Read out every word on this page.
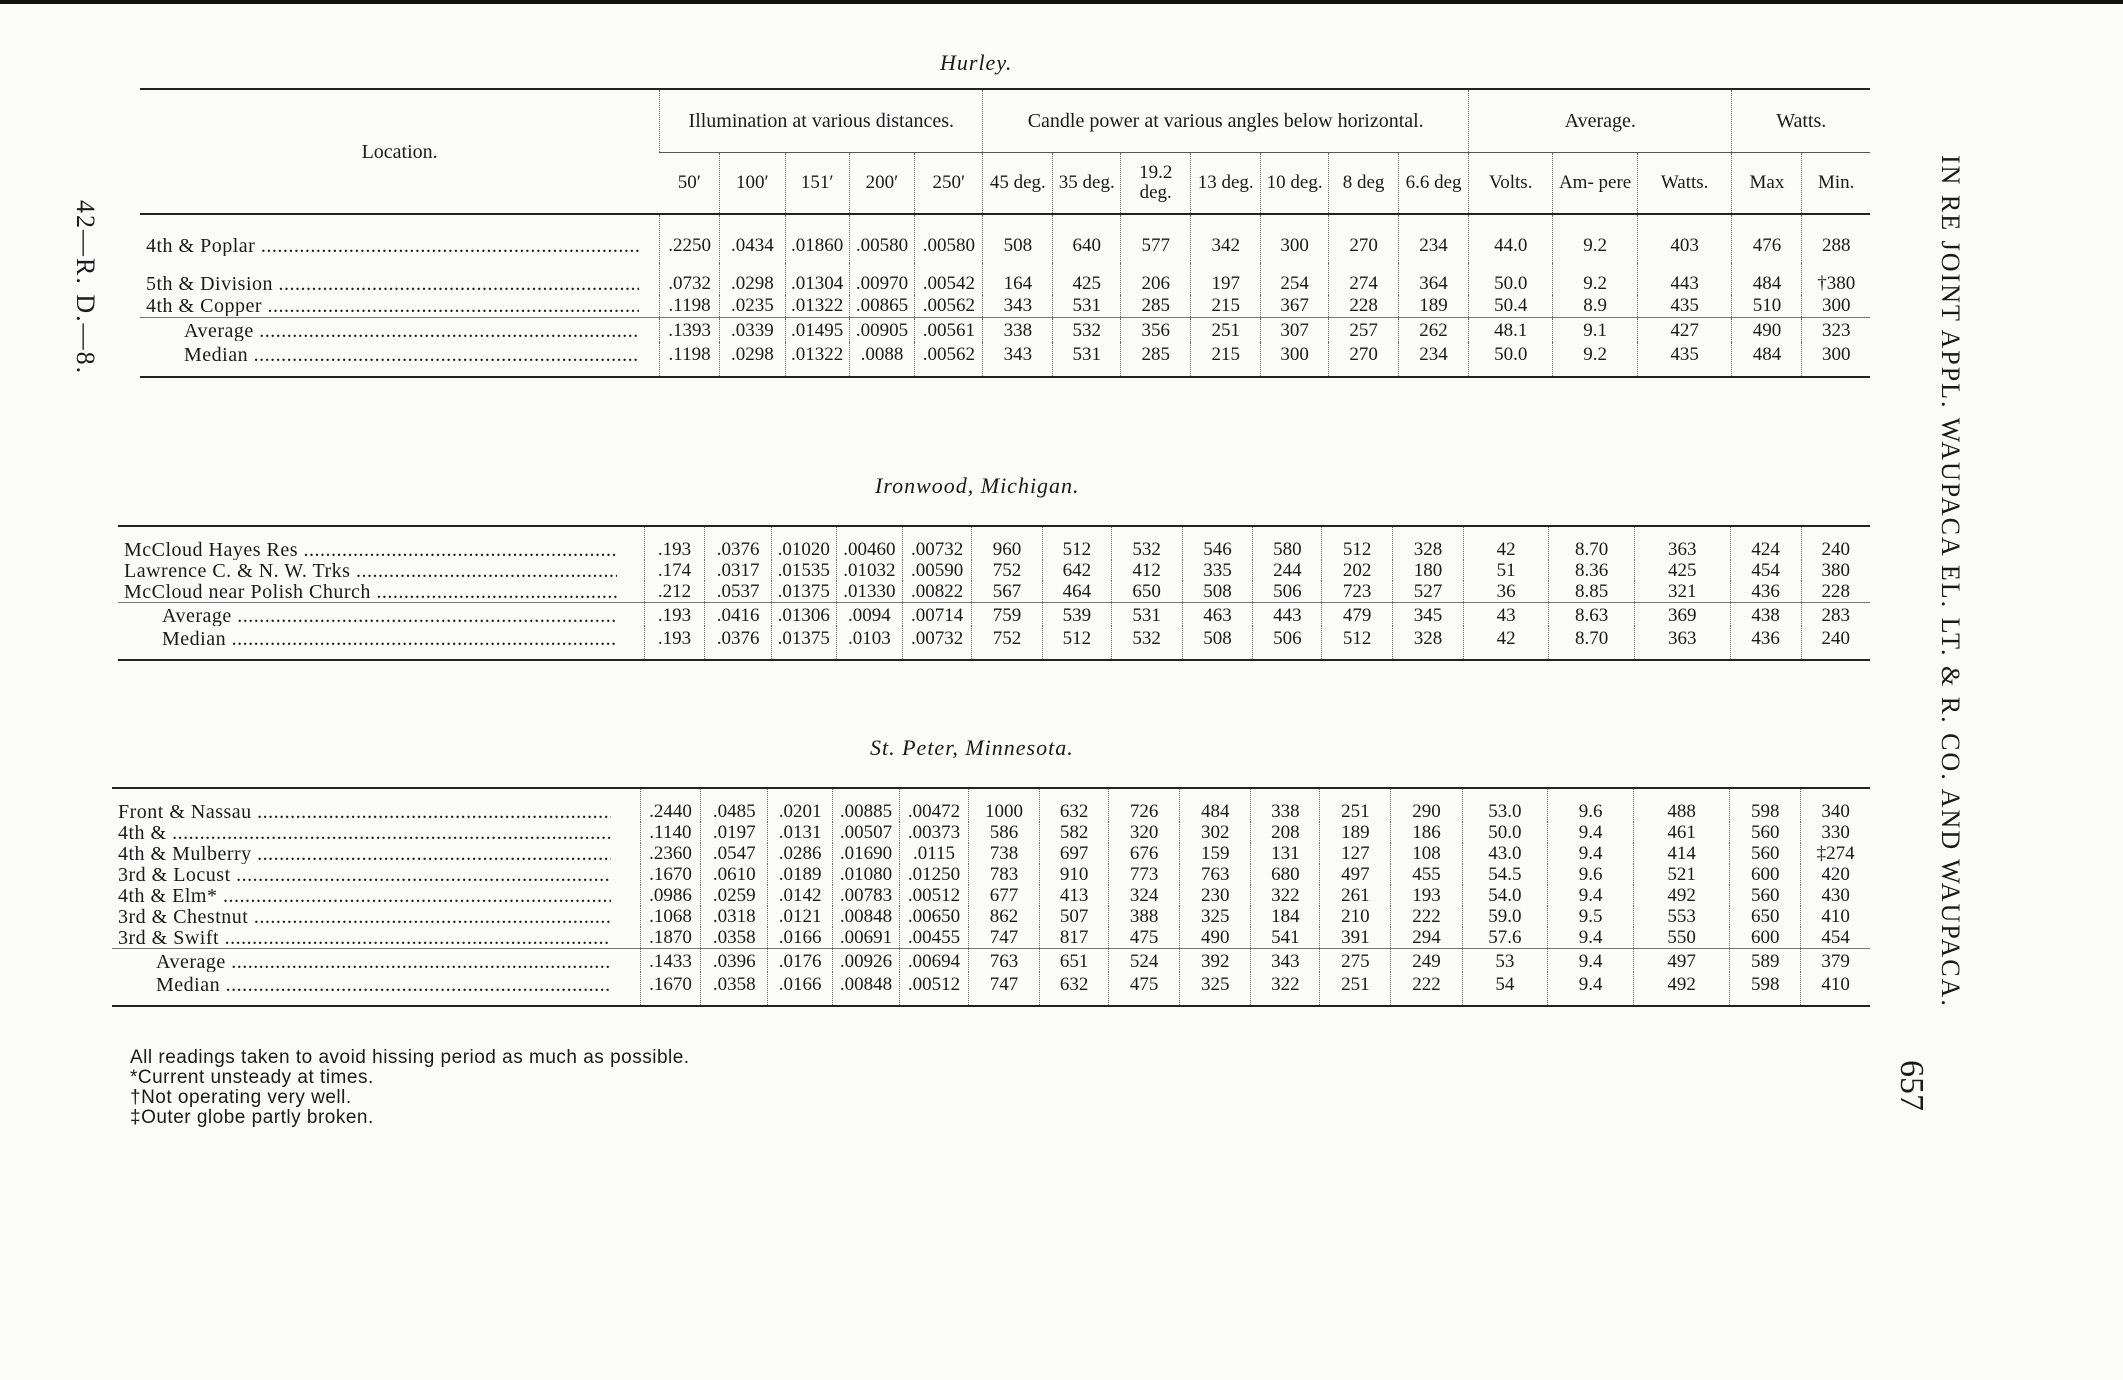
42—R. D.—8.	IN RE JOINT APPL. WAUPACA EL. LT. & R. CO. AND WAUPACA.
657
Hurley.
Ironwood, Michigan.
St. Peter, Minnesota.
Location.	Illumination at various distances.					Candle power at various angles below horizontal.							Average.			Watts.	
	50′	100′	151′	200′	250′	45 deg.	35 deg.	19.2 deg.	13 deg.	10 deg.	8 deg	6.6 deg	Volts.	Am- pere	Watts.	Max	Min.

4th & Poplar .....	.2250	.0434	.01860	.00580	.00580	508	640	577	342	300	270	234	44.0	9.2	403	476	288

5th & Division .....	.0732	.0298	.01304	.00970	.00542	164	425	206	197	254	274	364	50.0	9.2	443	484	†380

4th & Copper .....	.1198	.0235	.01322	.00865	.00562	343	531	285	215	367	228	189	50.4	8.9	435	510	300

Average .....	.1393	.0339	.01495	.00905	.00561	338	532	356	251	307	257	262	48.1	9.1	427	490	323

Median .....	.1198	.0298	.01322	.0088	.00562	343	531	285	215	300	270	234	50.0	9.2	435	484	300
McCloud Hayes Res .....	.193	.0376	.01020	.00460	.00732	960	512	532	546	580	512	328	42	8.70	363	424	240

Lawrence C. & N. W. Trks .....	.174	.0317	.01535	.01032	.00590	752	642	412	335	244	202	180	51	8.36	425	454	380

McCloud near Polish Church .....	.212	.0537	.01375	.01330	.00822	567	464	650	508	506	723	527	36	8.85	321	436	228

Average .....	.193	.0416	.01306	.0094	.00714	759	539	531	463	443	479	345	43	8.63	369	438	283

Median .....	.193	.0376	.01375	.0103	.00732	752	512	532	508	506	512	328	42	8.70	363	436	240
Front & Nassau .....	.2440	.0485	.0201	.00885	.00472	1000	632	726	484	338	251	290	53.0	9.6	488	598	340

4th & .....	.1140	.0197	.0131	.00507	.00373	586	582	320	302	208	189	186	50.0	9.4	461	560	330

4th & Mulberry .....	.2360	.0547	.0286	.01690	.0115	738	697	676	159	131	127	108	43.0	9.4	414	560	‡274

3rd & Locust .....	.1670	.0610	.0189	.01080	.01250	783	910	773	763	680	497	455	54.5	9.6	521	600	420

4th & Elm* .....	.0986	.0259	.0142	.00783	.00512	677	413	324	230	322	261	193	54.0	9.4	492	560	430

3rd & Chestnut .....	.1068	.0318	.0121	.00848	.00650	862	507	388	325	184	210	222	59.0	9.5	553	650	410

3rd & Swift .....	.1870	.0358	.0166	.00691	.00455	747	817	475	490	541	391	294	57.6	9.4	550	600	454

Average .....	.1433	.0396	.0176	.00926	.00694	763	651	524	392	343	275	249	53	9.4	497	589	379

Median .....	.1670	.0358	.0166	.00848	.00512	747	632	475	325	322	251	222	54	9.4	492	598	410
All readings taken to avoid hissing period as much as possible.
*Current unsteady at times.
†Not operating very well.
‡Outer globe partly broken.
